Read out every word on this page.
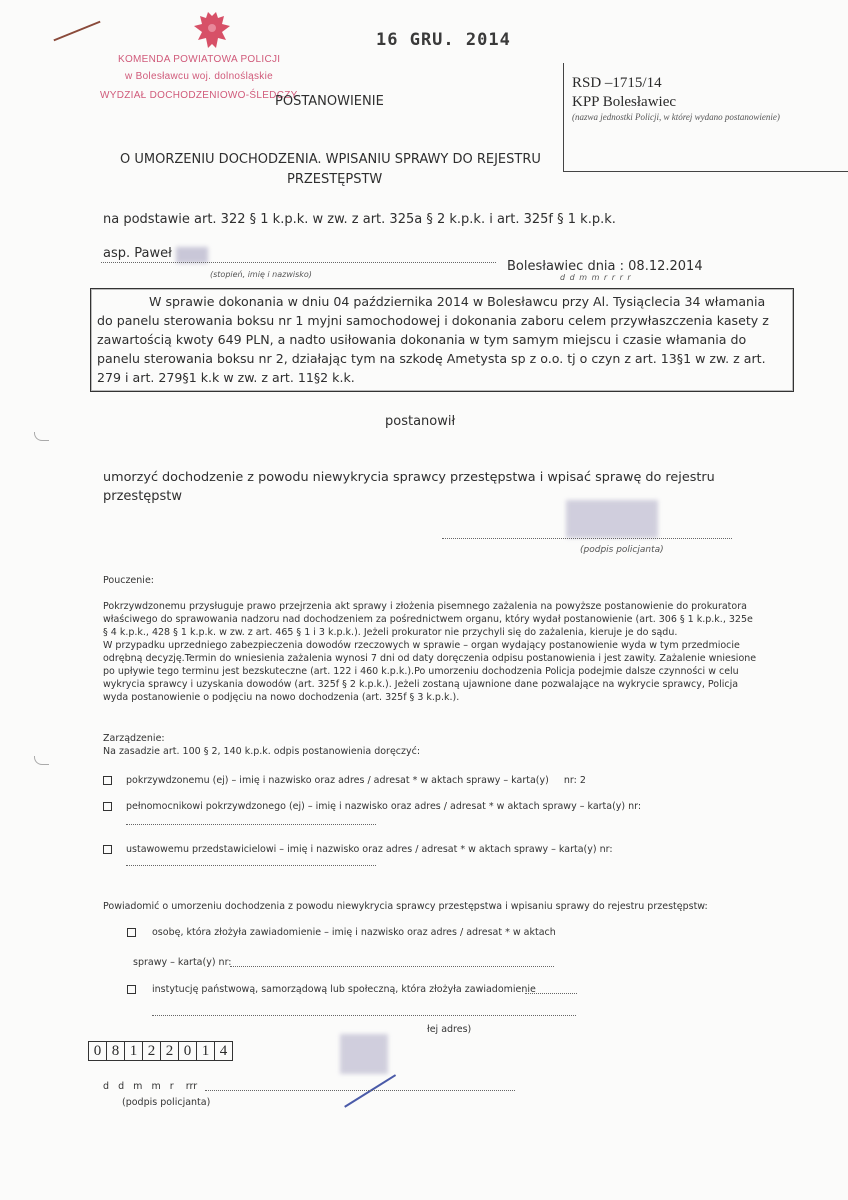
KOMENDA POWIATOWA POLICJI
w Bolesławcu woj. dolnośląskie
WYDZIAŁ DOCHODZENIOWO-ŚLEDCZY
16 GRU. 2014
POSTANOWIENIE
RSD –1715/14
KPP Bolesławiec
(nazwa jednostki Policji, w której wydano postanowienie)
O UMORZENIU DOCHODZENIA. WPISANIU SPRAWY DO REJESTRU
PRZESTĘPSTW
na podstawie art. 322 § 1 k.p.k. w zw. z art. 325a § 2 k.p.k. i art. 325f § 1 k.p.k.
asp. Paweł
(stopień, imię i nazwisko)
Bolesławiec dnia : 08.12.2014
d d m m r r r r
W sprawie dokonania w dniu 04 października 2014 w Bolesławcu przy Al. Tysiąclecia 34 włamania
do panelu sterowania boksu nr 1 myjni samochodowej i dokonania zaboru celem przywłaszczenia kasety z
zawartością kwoty 649 PLN, a nadto usiłowania dokonania w tym samym miejscu i czasie włamania do
panelu sterowania boksu nr 2, działając tym na szkodę Ametysta sp z o.o. tj o czyn z art. 13§1 w zw. z art.
279 i art. 279§1 k.k w zw. z art. 11§2 k.k.
postanowił
umorzyć dochodzenie z powodu niewykrycia sprawcy przestępstwa i wpisać sprawę do rejestru
przestępstw
(podpis policjanta)
Pouczenie:
Pokrzywdzonemu przysługuje prawo przejrzenia akt sprawy i złożenia pisemnego zażalenia na powyższe postanowienie do prokuratora
właściwego do sprawowania nadzoru nad dochodzeniem za pośrednictwem organu, który wydał postanowienie (art. 306 § 1 k.p.k., 325e
§ 4 k.p.k., 428 § 1 k.p.k. w zw. z art. 465 § 1 i 3 k.p.k.). Jeżeli prokurator nie przychyli się do zażalenia, kieruje je do sądu.
W przypadku uprzedniego zabezpieczenia dowodów rzeczowych w sprawie – organ wydający postanowienie wyda w tym przedmiocie
odrębną decyzję.Termin do wniesienia zażalenia wynosi 7 dni od daty doręczenia odpisu postanowienia i jest zawity. Zażalenie wniesione
po upływie tego terminu jest bezskuteczne (art. 122 i 460 k.p.k.).Po umorzeniu dochodzenia Policja podejmie dalsze czynności w celu
wykrycia sprawcy i uzyskania dowodów (art. 325f § 2 k.p.k.). Jeżeli zostaną ujawnione dane pozwalające na wykrycie sprawcy, Policja
wyda postanowienie o podjęciu na nowo dochodzenia (art. 325f § 3 k.p.k.).
Zarządzenie:
Na zasadzie art. 100 § 2, 140 k.p.k. odpis postanowienia doręczyć:
pokrzywdzonemu (ej) – imię i nazwisko oraz adres / adresat * w aktach sprawy – karta(y)     nr: 2
pełnomocnikowi pokrzywdzonego (ej) – imię i nazwisko oraz adres / adresat * w aktach sprawy – karta(y) nr:
ustawowemu przedstawicielowi – imię i nazwisko oraz adres / adresat * w aktach sprawy – karta(y) nr:
Powiadomić o umorzeniu dochodzenia z powodu niewykrycia sprawcy przestępstwa i wpisaniu sprawy do rejestru przestępstw:
osobę, która złożyła zawiadomienie – imię i nazwisko oraz adres / adresat * w aktach
sprawy – karta(y) nr:
instytucję państwową, samorządową lub społeczną, która złożyła zawiadomienie
łej adres)
0 8 1 2 2 0 1 4
d   d   m   m   r    rrr
(podpis policjanta)
